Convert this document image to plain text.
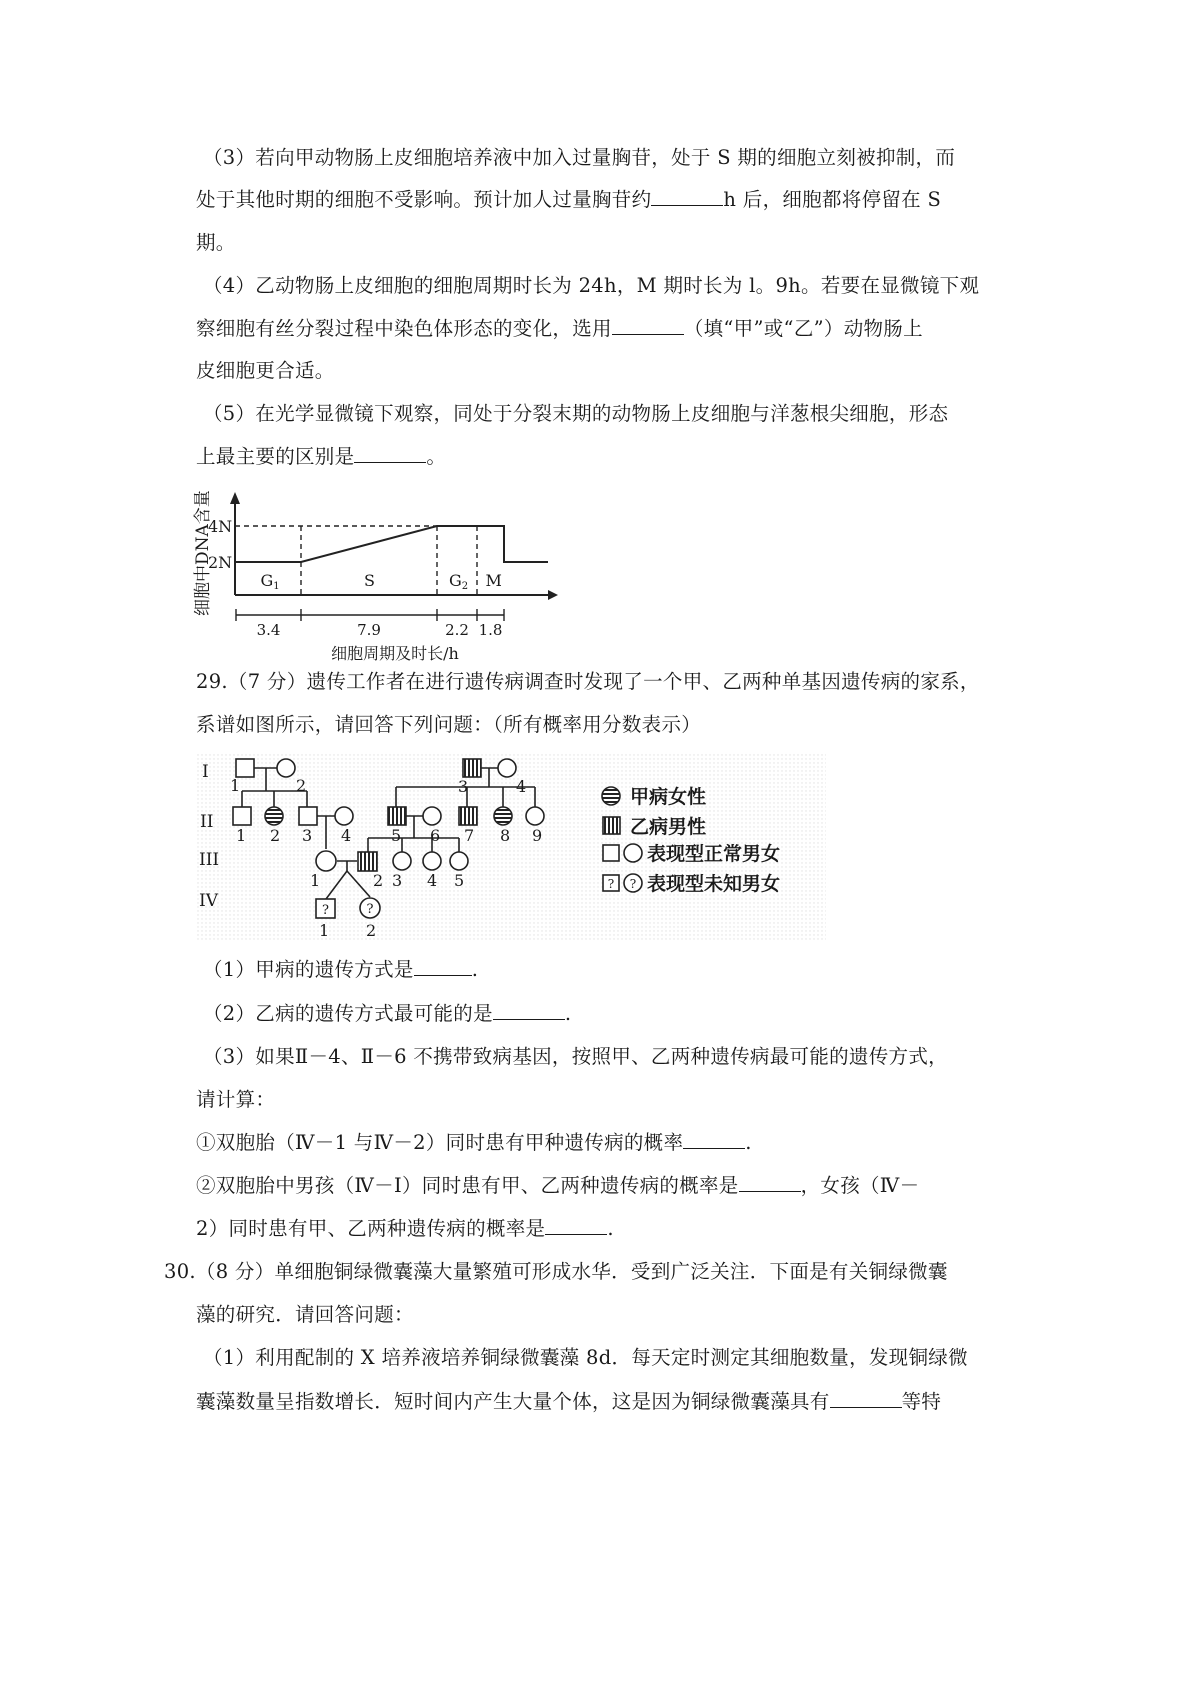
（3）若向甲动物肠上皮细胞培养液中加入过量胸苷，处于 S 期的细胞立刻被抑制，而
处于其他时期的细胞不受影响。预计加人过量胸苷约	h 后，细胞都将停留在 S
期。
（4）乙动物肠上皮细胞的细胞周期时长为 24h，M 期时长为 l。9h。若要在显微镜下观
察细胞有丝分裂过程中染色体形态的变化，选用	（填“甲”或“乙”）动物肠上
皮细胞更合适。
（5）在光学显微镜下观察，同处于分裂末期的动物肠上皮细胞与洋葱根尖细胞，形态
上最主要的区别是	。
细胞中DNA含量
4N
2N
G1	S	G2 M
3.4	7.9	2.2 1.8
细胞周期及时长/h
29.（7 分）遗传工作者在进行遗传病调查时发现了一个甲、乙两种单基因遗传病的家系，
系谱如图所示，请回答下列问题：（所有概率用分数表示）
I
II
III
IV	?	?
1	2	3	4
1 2 3 4 5 6 7 8 9
1	2 3 4 5
1 2
甲病女性
乙病男性
表现型正常男女
? ? 表现型未知男女
（1）甲病的遗传方式是	.
（2）乙病的遗传方式最可能的是	.
（3）如果Ⅱ－4、Ⅱ－6 不携带致病基因，按照甲、乙两种遗传病最可能的遗传方式，
请计算：
①双胞胎（Ⅳ－1 与Ⅳ－2）同时患有甲种遗传病的概率	.
②双胞胎中男孩（Ⅳ－I）同时患有甲、乙两种遗传病的概率是	，女孩（Ⅳ－
2）同时患有甲、乙两种遗传病的概率是	.
30.（8 分）单细胞铜绿微囊藻大量繁殖可形成水华．受到广泛关注．下面是有关铜绿微囊
藻的研究．请回答问题：
（1）利用配制的 X 培养液培养铜绿微囊藻 8d．每天定时测定其细胞数量，发现铜绿微
囊藻数量呈指数增长．短时间内产生大量个体，这是因为铜绿微囊藻具有	等特
